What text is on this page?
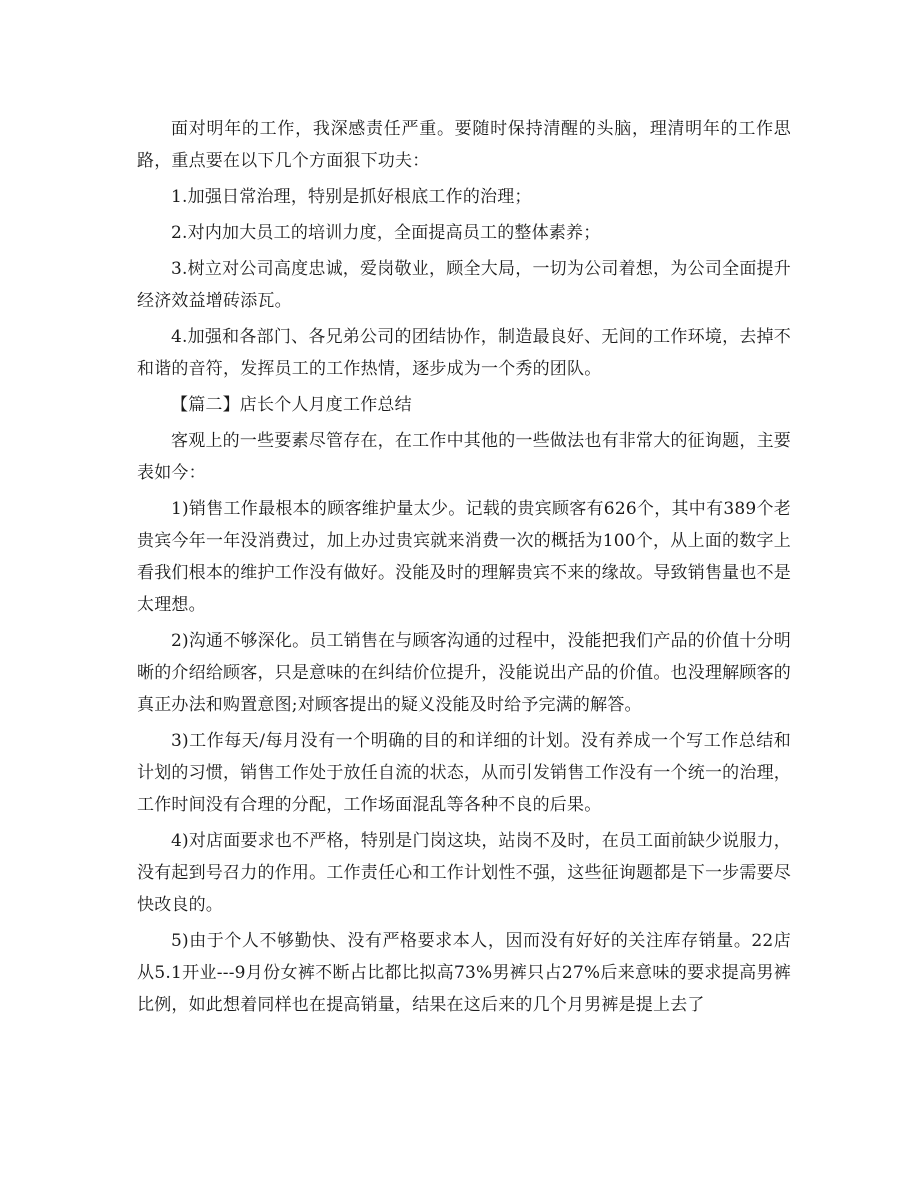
面对明年的工作，我深感责任严重。要随时保持清醒的头脑，理清明年的工作思路，重点要在以下几个方面狠下功夫：

1.加强日常治理，特别是抓好根底工作的治理；

2.对内加大员工的培训力度，全面提高员工的整体素养；

3.树立对公司高度忠诚，爱岗敬业，顾全大局，一切为公司着想，为公司全面提升经济效益增砖添瓦。

4.加强和各部门、各兄弟公司的团结协作，制造最良好、无间的工作环境，去掉不和谐的音符，发挥员工的工作热情，逐步成为一个秀的团队。

【篇二】店长个人月度工作总结

客观上的一些要素尽管存在，在工作中其他的一些做法也有非常大的征询题，主要表如今：

1)销售工作最根本的顾客维护量太少。记载的贵宾顾客有626个，其中有389个老贵宾今年一年没消费过，加上办过贵宾就来消费一次的概括为100个，从上面的数字上看我们根本的维护工作没有做好。没能及时的理解贵宾不来的缘故。导致销售量也不是太理想。

2)沟通不够深化。员工销售在与顾客沟通的过程中，没能把我们产品的价值十分明晰的介绍给顾客，只是意味的在纠结价位提升，没能说出产品的价值。也没理解顾客的真正办法和购置意图;对顾客提出的疑义没能及时给予完满的解答。

3)工作每天/每月没有一个明确的目的和详细的计划。没有养成一个写工作总结和计划的习惯，销售工作处于放任自流的状态，从而引发销售工作没有一个统一的治理，工作时间没有合理的分配，工作场面混乱等各种不良的后果。

4)对店面要求也不严格，特别是门岗这块，站岗不及时，在员工面前缺少说服力，没有起到号召力的作用。工作责任心和工作计划性不强，这些征询题都是下一步需要尽快改良的。

5)由于个人不够勤快、没有严格要求本人，因而没有好好的关注库存销量。22店从5.1开业---9月份女裤不断占比都比拟高73%男裤只占27%后来意味的要求提高男裤比例，如此想着同样也在提高销量，结果在这后来的几个月男裤是提上去了
